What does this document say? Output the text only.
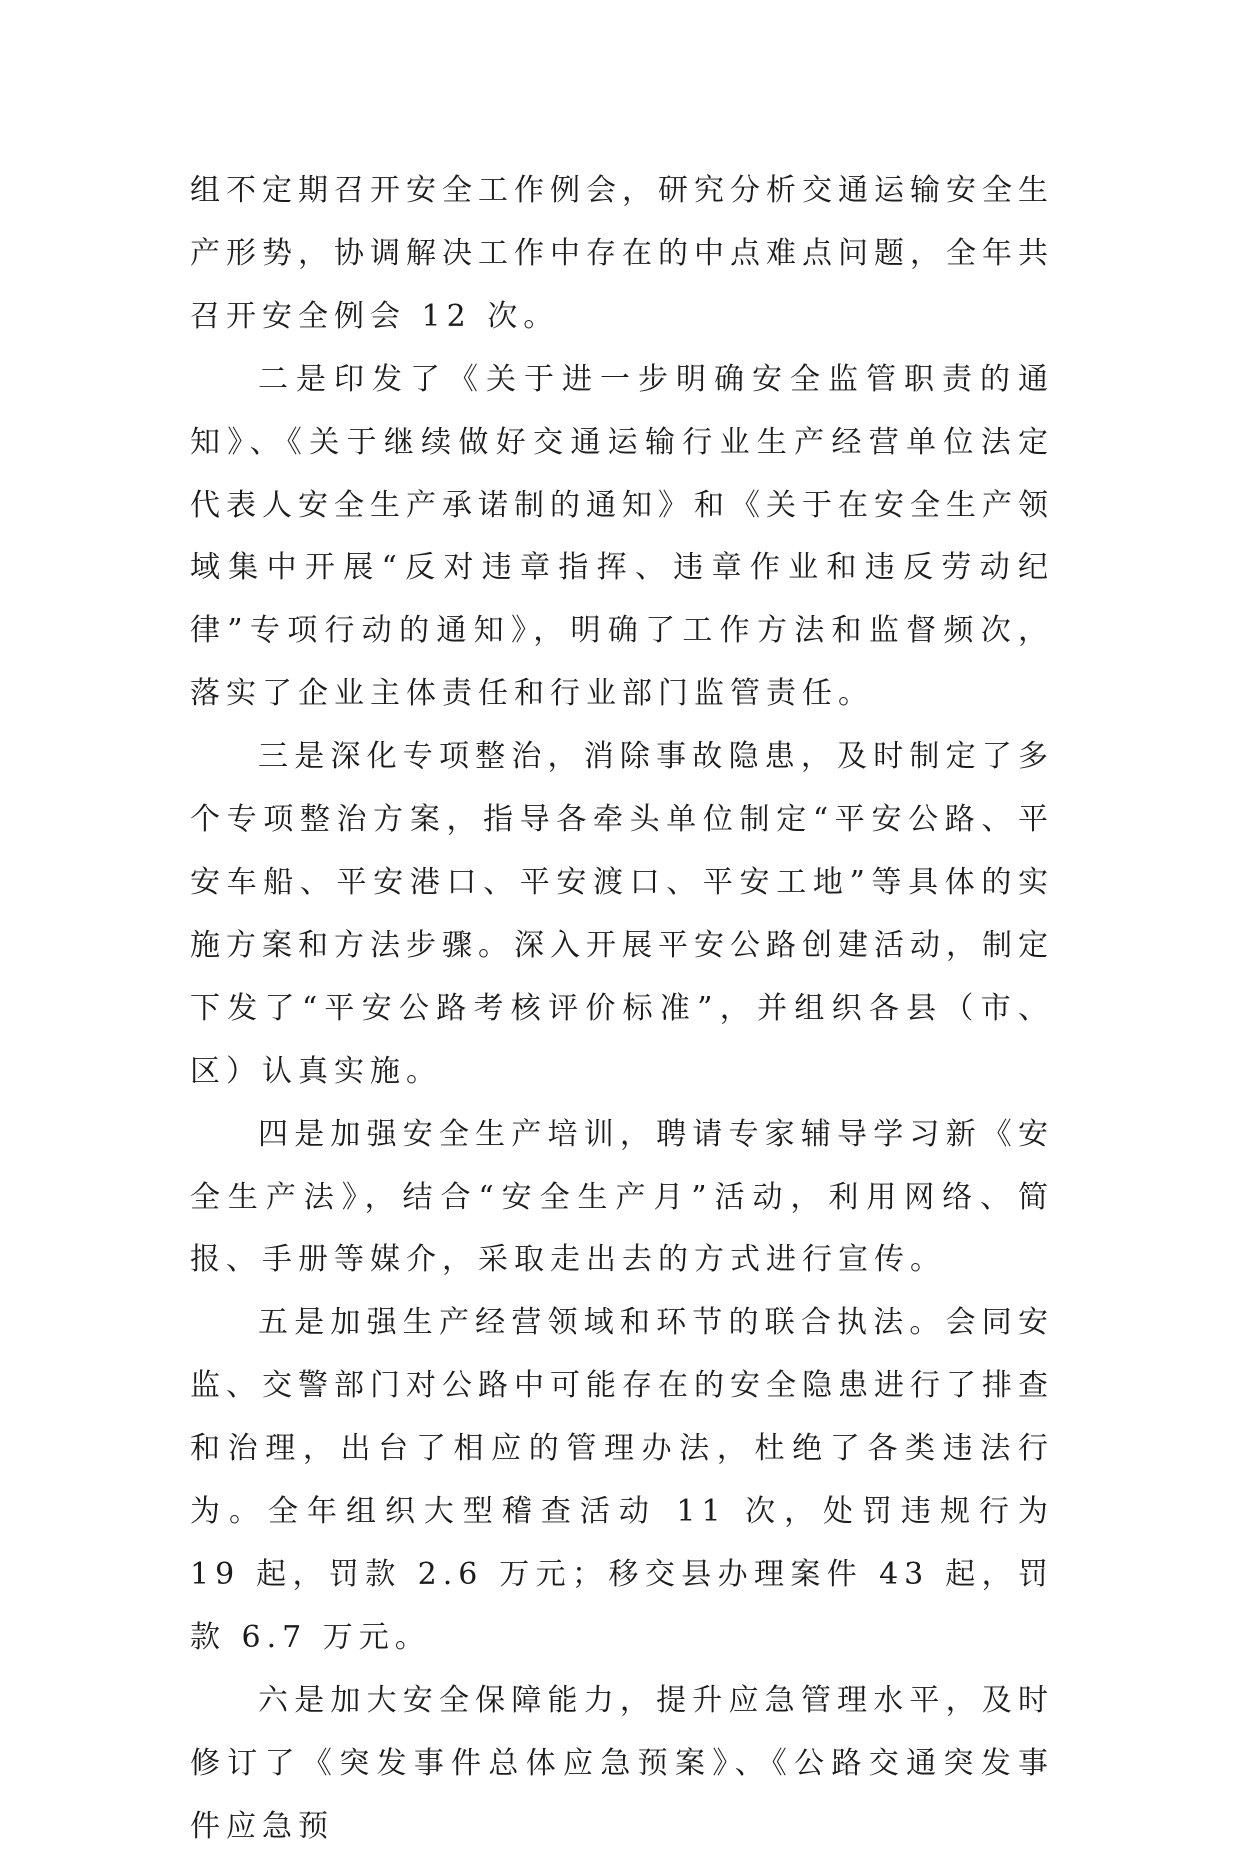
组不定期召开安全工作例会，研究分析交通运输安全生产形势，协调解决工作中存在的中点难点问题，全年共召开安全例会 12 次。

二是印发了《关于进一步明确安全监管职责的通知》、《关于继续做好交通运输行业生产经营单位法定代表人安全生产承诺制的通知》和《关于在安全生产领域集中开展“反对违章指挥、违章作业和违反劳动纪律”专项行动的通知》，明确了工作方法和监督频次，落实了企业主体责任和行业部门监管责任。

三是深化专项整治，消除事故隐患，及时制定了多个专项整治方案，指导各牵头单位制定“平安公路、平安车船、平安港口、平安渡口、平安工地”等具体的实施方案和方法步骤。深入开展平安公路创建活动，制定下发了“平安公路考核评价标准”，并组织各县（市、区）认真实施。

四是加强安全生产培训，聘请专家辅导学习新《安全生产法》，结合“安全生产月”活动，利用网络、简报、手册等媒介，采取走出去的方式进行宣传。

五是加强生产经营领域和环节的联合执法。会同安监、交警部门对公路中可能存在的安全隐患进行了排查和治理，出台了相应的管理办法，杜绝了各类违法行为。全年组织大型稽查活动 11 次，处罚违规行为 19 起，罚款 2.6 万元；移交县办理案件 43 起，罚款 6.7 万元。

六是加大安全保障能力，提升应急管理水平，及时修订了《突发事件总体应急预案》、《公路交通突发事件应急预
